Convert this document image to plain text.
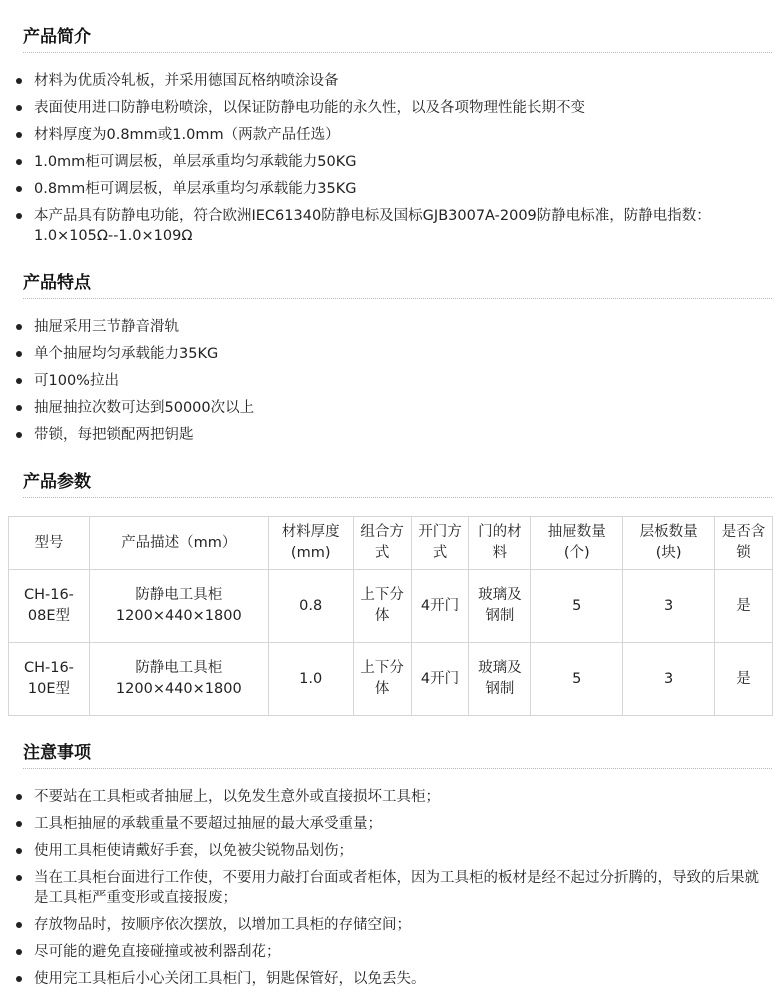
产品简介
材料为优质冷轧板，并采用德国瓦格纳喷涂设备
表面使用进口防静电粉喷涂，以保证防静电功能的永久性，以及各项物理性能长期不变
材料厚度为0.8mm或1.0mm（两款产品任选）
1.0mm柜可调层板，单层承重均匀承载能力50KG
0.8mm柜可调层板，单层承重均匀承载能力35KG
本产品具有防静电功能，符合欧洲IEC61340防静电标及国标GJB3007A-2009防静电标准，防静电指数：1.0×105Ω--1.0×109Ω
产品特点
抽屉采用三节静音滑轨
单个抽屉均匀承载能力35KG
可100%拉出
抽屉抽拉次数可达到50000次以上
带锁，每把锁配两把钥匙
产品参数
型号	产品描述（mm）	材料厚度(mm)	组合方式	开门方式	门的材料	抽屉数量(个)	层板数量(块)	是否含锁
CH-16-08E型	防静电工具柜 1200×440×1800	0.8	上下分体	4开门	玻璃及钢制	5	3	是
CH-16-10E型	防静电工具柜 1200×440×1800	1.0	上下分体	4开门	玻璃及钢制	5	3	是
注意事项
不要站在工具柜或者抽屉上，以免发生意外或直接损坏工具柜；
工具柜抽屉的承载重量不要超过抽屉的最大承受重量；
使用工具柜使请戴好手套，以免被尖锐物品划伤；
当在工具柜台面进行工作使，不要用力敲打台面或者柜体，因为工具柜的板材是经不起过分折腾的，导致的后果就是工具柜严重变形或直接报废；
存放物品时，按顺序依次摆放，以增加工具柜的存储空间；
尽可能的避免直接碰撞或被利器刮花；
使用完工具柜后小心关闭工具柜门，钥匙保管好，以免丢失。
